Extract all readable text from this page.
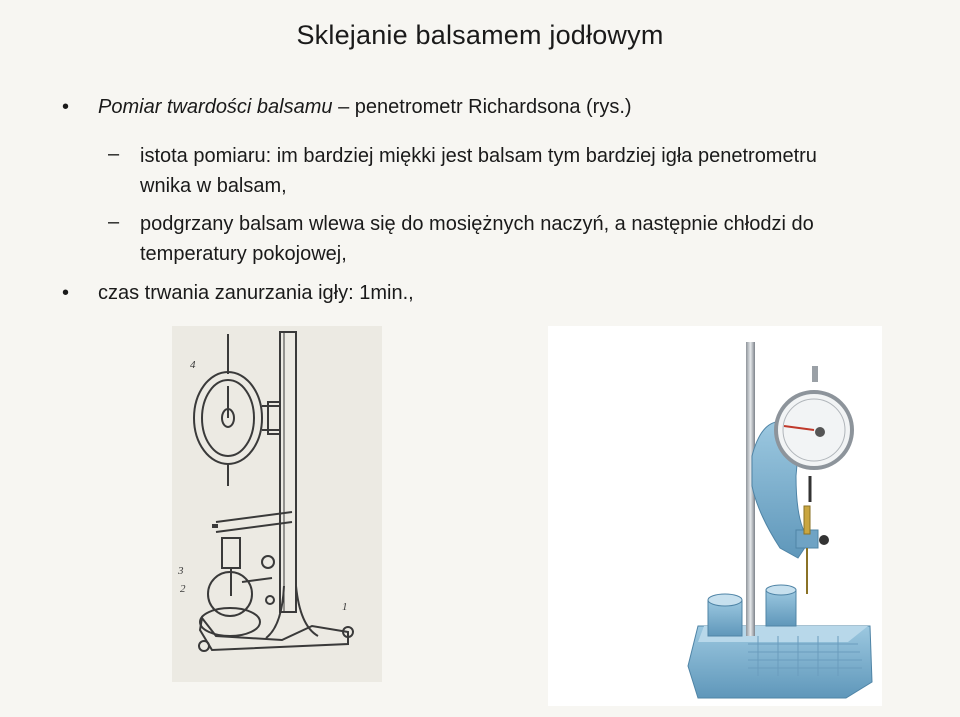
Sklejanie balsamem jodłowym
• Pomiar twardości balsamu – penetrometr Richardsona (rys.)
– istota pomiaru: im bardziej miękki jest balsam tym bardziej igła penetrometru wnika w balsam,
– podgrzany balsam wlewa się do mosiężnych naczyń, a następnie chłodzi do temperatury pokojowej,
• czas trwania zanurzania igły: 1min.,
4
3
2
1
